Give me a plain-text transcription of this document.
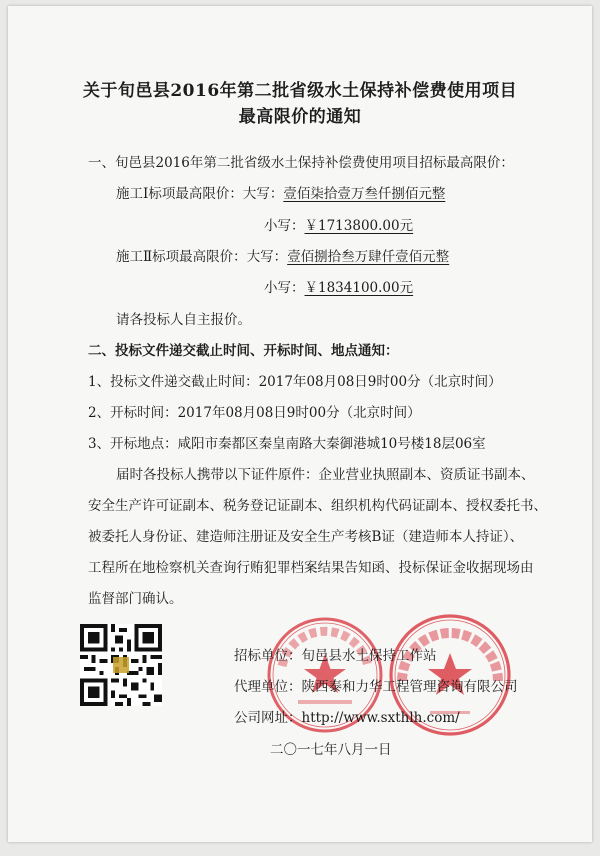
关于旬邑县2016年第二批省级水土保持补偿费使用项目
最高限价的通知
一、旬邑县2016年第二批省级水土保持补偿费使用项目招标最高限价：
施工Ⅰ标项最高限价：大写：壹佰柒拾壹万叁仟捌佰元整
小写：￥1713800.00元
施工Ⅱ标项最高限价：大写：壹佰捌拾叁万肆仟壹佰元整
小写：￥1834100.00元
请各投标人自主报价。
二、投标文件递交截止时间、开标时间、地点通知：
1、投标文件递交截止时间：2017年08月08日9时00分（北京时间）
2、开标时间：2017年08月08日9时00分（北京时间）
3、开标地点：咸阳市秦都区秦皇南路大秦御港城10号楼18层06室
届时各投标人携带以下证件原件：企业营业执照副本、资质证书副本、
安全生产许可证副本、税务登记证副本、组织机构代码证副本、授权委托书、
被委托人身份证、建造师注册证及安全生产考核B证（建造师本人持证）、
工程所在地检察机关查询行贿犯罪档案结果告知函、投标保证金收据现场由
监督部门确认。
招标单位：旬邑县水土保持工作站
代理单位：陕西泰和力华工程管理咨询有限公司
公司网址：http://www.sxthlh.com/
二〇一七年八月一日
